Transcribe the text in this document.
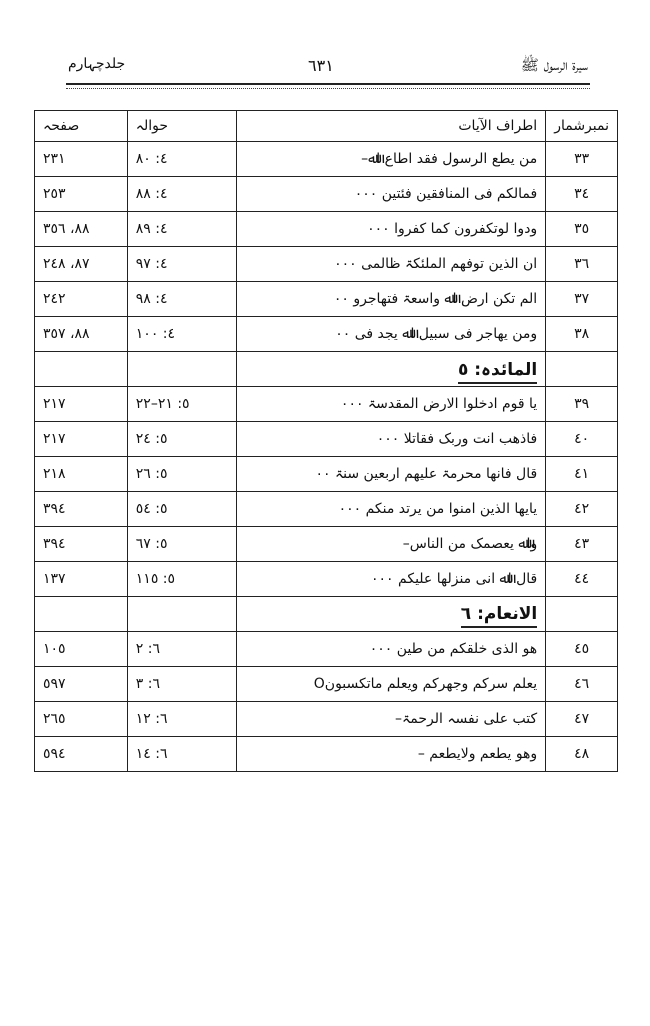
سیرۃ الرسول ﷺ
٦٣١
جلدچہارم
نمبرشمار	اطراف الآیات	حوالہ	صفحہ
٣٣	من یطع الرسول فقد اطاع اﷲ–	٤: ٨٠	٢٣١
٣٤	فمالکم فی المنافقین فئتین ۰۰۰	٤: ٨٨	٢٥٣
٣٥	ودوا لوتکفرون کما کفروا ۰۰۰	٤: ٨٩	٨٨، ٣٥٦
٣٦	ان الذین توفھم الملئکۃ ظالمی ۰۰۰	٤: ٩٧	٨٧، ٢٤٨
٣٧	الم تکن ارض اﷲ واسعۃ فتھاجرو ۰۰	٤: ٩٨	٢٤٢
٣٨	ومن یھاجر فی سبیل اﷲ یجد فی ۰۰	٤: ١٠٠	٨٨، ٣٥٧
	المائدہ: ٥		
٣٩	یا قوم ادخلوا الارض المقدسۃ ۰۰۰	٥: ٢١–٢٢	٢١٧
٤٠	فاذھب انت وربک فقاتلا ۰۰۰	٥: ٢٤	٢١٧
٤١	قال فانھا محرمۃ علیھم اربعین سنۃ ۰۰	٥: ٢٦	٢١٨
٤٢	یایھا الذین امنوا من یرتد منکم ۰۰۰	٥: ٥٤	٣٩٤
٤٣	واﷲ یعصمک من الناس–	٥: ٦٧	٣٩٤
٤٤	قال اﷲ انی منزلھا علیکم ۰۰۰	٥: ١١٥	١٣٧
	الانعام: ٦		
٤٥	ھو الذی خلقکم من طین ۰۰۰	٦: ٢	١٠٥
٤٦	یعلم سرکم وجھرکم ویعلم ماتکسبونO	٦: ٣	٥٩٧
٤٧	کتب علی نفسہ الرحمۃ–	٦: ١٢	٢٦٥
٤٨	وھو یطعم ولایطعم –	٦: ١٤	٥٩٤
